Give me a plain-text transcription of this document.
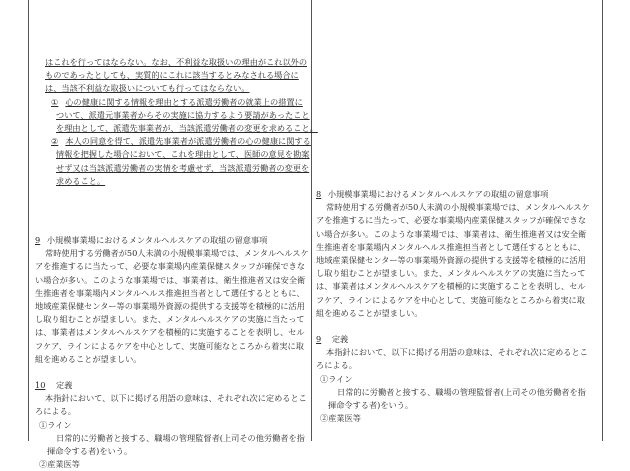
はこれを行ってはならない。なお、不利益な取扱いの理由がこれ以外の
ものであったとしても、実質的にこれに該当するとみなされる場合に
は、当該不利益な取扱いについても行ってはならない。
① 心の健康に関する情報を理由とする派遣労働者の就業上の措置に
ついて、派遣元事業者からその実施に協力するよう要請があったこと
を理由として、派遣先事業者が、当該派遣労働者の変更を求めること。
② 本人の同意を得て、派遣先事業者が派遣労働者の心の健康に関する
情報を把握した場合において、これを理由として、医師の意見を勘案
せず又は当該派遣労働者の実情を考慮せず、当該派遣労働者の変更を
求めること。
9 小規模事業場におけるメンタルヘルスケアの取組の留意事項
常時使用する労働者が50人未満の小規模事業場では、メンタルヘルスケ
アを推進するに当たって、必要な事業場内産業保健スタッフが確保できな
い場合が多い。このような事業場では、事業者は、衛生推進者又は安全衛
生推進者を事業場内メンタルヘルス推進担当者として選任するとともに、
地域産業保健センター等の事業場外資源の提供する支援等を積極的に活用
し取り組むことが望ましい。また、メンタルヘルスケアの実施に当たって
は、事業者はメンタルヘルスケアを積極的に実施することを表明し、セル
フケア、ラインによるケアを中心として、実施可能なところから着実に取
組を進めることが望ましい。
10 定義
本指針において、以下に掲げる用語の意味は、それぞれ次に定めるとこ
ろによる。
①ライン
日常的に労働者と接する、職場の管理監督者(上司その他労働者を指
揮命令する者)をいう。
②産業医等
8 小規模事業場におけるメンタルヘルスケアの取組の留意事項
常時使用する労働者が50人未満の小規模事業場では、メンタルヘルスケ
アを推進するに当たって、必要な事業場内産業保健スタッフが確保できな
い場合が多い。このような事業場では、事業者は、衛生推進者又は安全衛
生推進者を事業場内メンタルヘルス推進担当者として選任するとともに、
地域産業保健センター等の事業場外資源の提供する支援等を積極的に活用
し取り組むことが望ましい。また、メンタルヘルスケアの実施に当たって
は、事業者はメンタルヘルスケアを積極的に実施することを表明し、セル
フケア、ラインによるケアを中心として、実施可能なところから着実に取
組を進めることが望ましい。
9 定義
本指針において、以下に掲げる用語の意味は、それぞれ次に定めるとこ
ろによる。
①ライン
日常的に労働者と接する、職場の管理監督者(上司その他労働者を指
揮命令する者)をいう。
②産業医等
